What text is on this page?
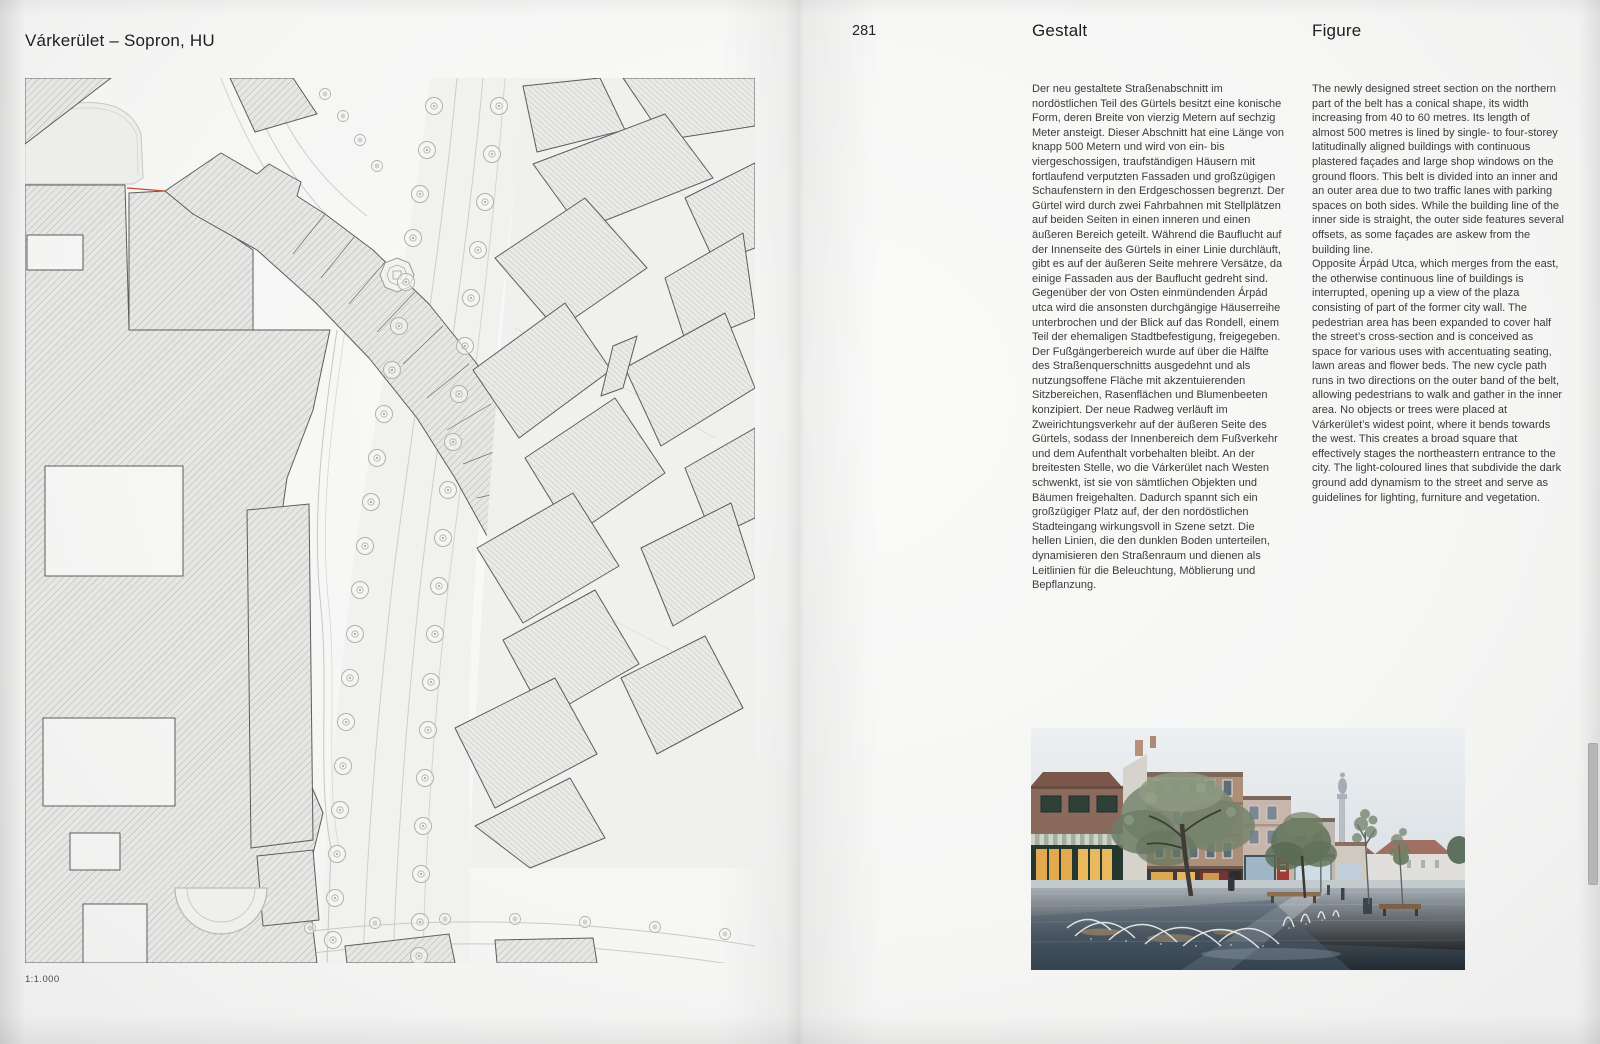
Várkerület – Sopron, HU
281
1:1.000
Gestalt

Der neu gestaltete Straßenabschnitt im nordöstlichen Teil des Gürtels besitzt eine konische Form, deren Breite von vierzig Metern auf sechzig Meter ansteigt. Dieser Abschnitt hat eine Länge von knapp 500 Metern und wird von ein- bis viergeschossigen, traufständigen Häusern mit fortlaufend verputzten Fassaden und großzügigen Schaufenstern in den Erdgeschossen begrenzt. Der Gürtel wird durch zwei Fahrbahnen mit Stellplätzen auf beiden Seiten in einen inneren und einen äußeren Bereich geteilt. Während die Bauflucht auf der Innenseite des Gürtels in einer Linie durchläuft, gibt es auf der äußeren Seite mehrere Versätze, da einige Fassaden aus der Bauflucht gedreht sind.

Gegenüber der von Osten einmündenden Árpád utca wird die ansonsten durchgängige Häuserreihe unterbrochen und der Blick auf das Rondell, einem Teil der ehemaligen Stadtbefestigung, freigegeben. Der Fußgängerbereich wurde auf über die Hälfte des Straßenquerschnitts ausgedehnt und als nutzungsoffene Fläche mit akzentuierenden Sitzbereichen, Rasenflächen und Blumenbeeten konzipiert. Der neue Radweg verläuft im Zweirichtungsverkehr auf der äußeren Seite des Gürtels, sodass der Innenbereich dem Fußverkehr und dem Aufenthalt vorbehalten bleibt. An der breitesten Stelle, wo die Várkerület nach Westen schwenkt, ist sie von sämtlichen Objekten und Bäumen freigehalten. Dadurch spannt sich ein großzügiger Platz auf, der den nordöstlichen Stadteingang wirkungsvoll in Szene setzt. Die hellen Linien, die den dunklen Boden unterteilen, dynamisieren den Straßenraum und dienen als Leitlinien für die Beleuchtung, Möblierung und Bepflanzung.

Figure

The newly designed street section on the northern part of the belt has a conical shape, its width increasing from 40 to 60 metres. Its length of almost 500 metres is lined by single- to four-storey latitudinally aligned buildings with continuous plastered façades and large shop windows on the ground floors. This belt is divided into an inner and an outer area due to two traffic lanes with parking spaces on both sides. While the building line of the inner side is straight, the outer side features several offsets, as some façades are askew from the building line.

Opposite Árpád Utca, which merges from the east, the otherwise continuous line of buildings is interrupted, opening up a view of the plaza consisting of part of the former city wall. The pedestrian area has been expanded to cover half the street’s cross-section and is conceived as space for various uses with accentuating seating, lawn areas and flower beds. The new cycle path runs in two directions on the outer band of the belt, allowing pedestrians to walk and gather in the inner area. No objects or trees were placed at Várkerület’s widest point, where it bends towards the west. This creates a broad square that effectively stages the northeastern entrance to the city. The light-coloured lines that subdivide the dark ground add dynamism to the street and serve as guidelines for lighting, furniture and vegetation.
